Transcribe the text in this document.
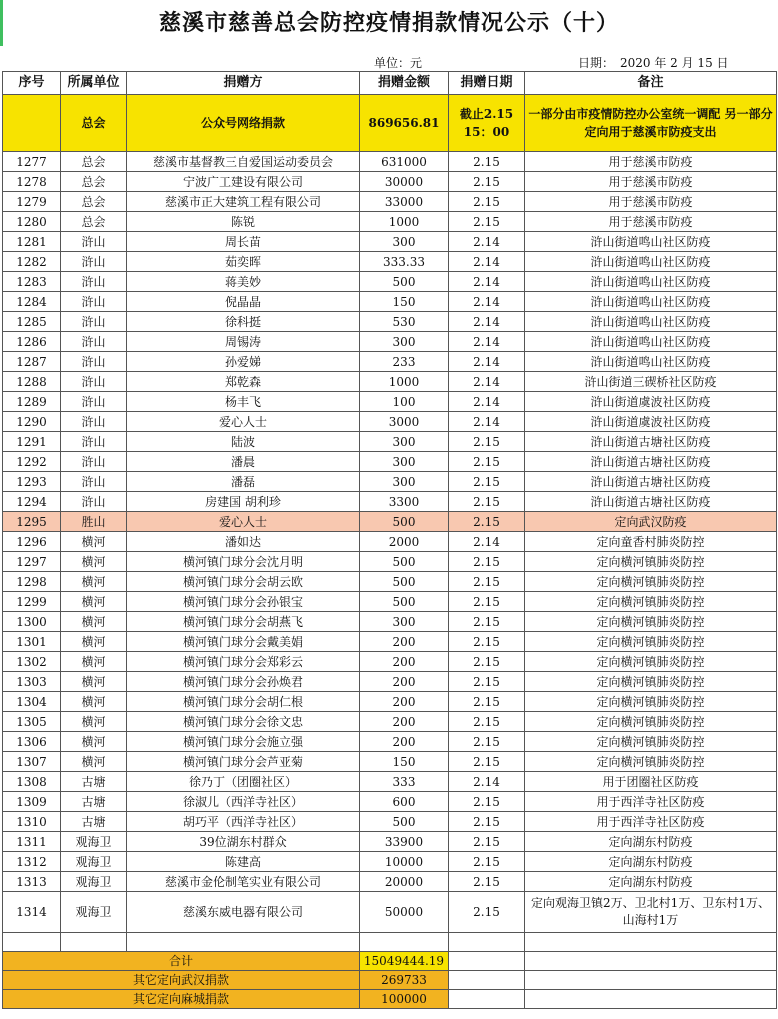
慈溪市慈善总会防控疫情捐款情况公示（十）
单位：元	日期：　2020 年 2 月 15 日
序号	所属单位	捐赠方	捐赠金额	捐赠日期	备注
	总会	公众号网络捐款	869656.81	截止2.15 15：00	一部分由市疫情防控办公室统一调配 另一部分定向用于慈溪市防疫支出
1277	总会	慈溪市基督教三自爱国运动委员会	631000	2.15	用于慈溪市防疫
1278	总会	宁波广工建设有限公司	30000	2.15	用于慈溪市防疫
1279	总会	慈溪市正大建筑工程有限公司	33000	2.15	用于慈溪市防疫
1280	总会	陈锐	1000	2.15	用于慈溪市防疫
1281	浒山	周长苗	300	2.14	浒山街道鸣山社区防疫
1282	浒山	茹奕晖	333.33	2.14	浒山街道鸣山社区防疫
1283	浒山	蒋美妙	500	2.14	浒山街道鸣山社区防疫
1284	浒山	倪晶晶	150	2.14	浒山街道鸣山社区防疫
1285	浒山	徐科挺	530	2.14	浒山街道鸣山社区防疫
1286	浒山	周锡涛	300	2.14	浒山街道鸣山社区防疫
1287	浒山	孙爱娣	233	2.14	浒山街道鸣山社区防疫
1288	浒山	郑乾森	1000	2.14	浒山街道三碶桥社区防疫
1289	浒山	杨丰飞	100	2.14	浒山街道虞波社区防疫
1290	浒山	爱心人士	3000	2.14	浒山街道虞波社区防疫
1291	浒山	陆波	300	2.15	浒山街道古塘社区防疫
1292	浒山	潘晨	300	2.15	浒山街道古塘社区防疫
1293	浒山	潘磊	300	2.15	浒山街道古塘社区防疫
1294	浒山	房建国 胡利珍	3300	2.15	浒山街道古塘社区防疫
1295	胜山	爱心人士	500	2.15	定向武汉防疫
1296	横河	潘如达	2000	2.14	定向童香村肺炎防控
1297	横河	横河镇门球分会沈月明	500	2.15	定向横河镇肺炎防控
1298	横河	横河镇门球分会胡云欧	500	2.15	定向横河镇肺炎防控
1299	横河	横河镇门球分会孙银宝	500	2.15	定向横河镇肺炎防控
1300	横河	横河镇门球分会胡燕飞	300	2.15	定向横河镇肺炎防控
1301	横河	横河镇门球分会戴美娟	200	2.15	定向横河镇肺炎防控
1302	横河	横河镇门球分会郑彩云	200	2.15	定向横河镇肺炎防控
1303	横河	横河镇门球分会孙焕君	200	2.15	定向横河镇肺炎防控
1304	横河	横河镇门球分会胡仁根	200	2.15	定向横河镇肺炎防控
1305	横河	横河镇门球分会徐文忠	200	2.15	定向横河镇肺炎防控
1306	横河	横河镇门球分会施立强	200	2.15	定向横河镇肺炎防控
1307	横河	横河镇门球分会芦亚菊	150	2.15	定向横河镇肺炎防控
1308	古塘	徐乃丁（团圈社区）	333	2.14	用于团圈社区防疫
1309	古塘	徐淑儿（西洋寺社区）	600	2.15	用于西洋寺社区防疫
1310	古塘	胡巧平（西洋寺社区）	500	2.15	用于西洋寺社区防疫
1311	观海卫	39位湖东村群众	33900	2.15	定向湖东村防疫
1312	观海卫	陈建高	10000	2.15	定向湖东村防疫
1313	观海卫	慈溪市金伦制笔实业有限公司	20000	2.15	定向湖东村防疫
1314	观海卫	慈溪东威电器有限公司	50000	2.15	定向观海卫镇2万、卫北村1万、卫东村1万、山海村1万

合计			15049444.19		
其它定向武汉捐款			269733		
其它定向麻城捐款			100000		
